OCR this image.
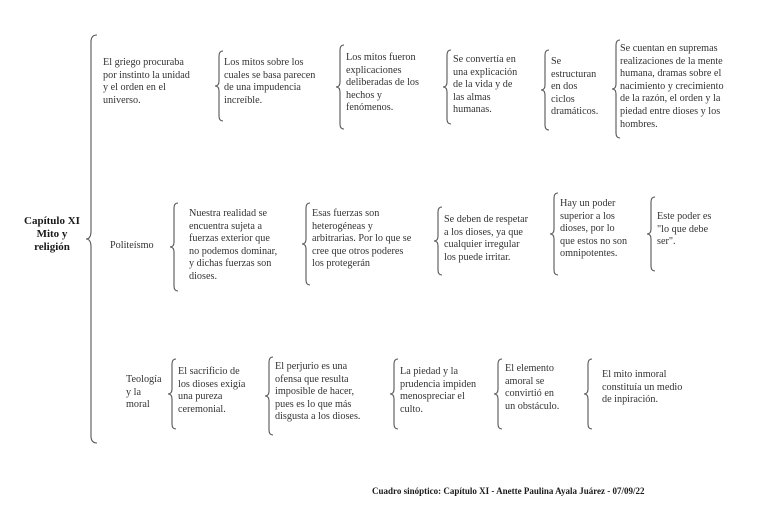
Capítulo XI
Mito y
religión
El griego procuraba
por instinto la unidad
y el orden en el
universo.
Los mitos sobre los
cuales se basa parecen
de una impudencia
increíble.
Los mitos fueron
explicaciones
deliberadas de los
hechos y
fenómenos.
Se convertía en
una explicación
de la vida y de
las almas
humanas.
Se
estructuran
en dos
ciclos
dramáticos.
Se cuentan en supremas
realizaciones de la mente
humana, dramas sobre el
nacimiento y crecimiento
de la razón, el orden y la
piedad entre dioses y los
hombres.
Politeísmo
Nuestra realidad se
encuentra sujeta a
fuerzas exterior que
no podemos dominar,
y dichas fuerzas son
dioses.
Esas fuerzas son
heterogéneas y
arbitrarias. Por lo que se
cree que otros poderes
los protegerán
Se deben de respetar
a los dioses, ya que
cualquier irregular
los puede irritar.
Hay un poder
superior a los
dioses, por lo
que estos no son
omnipotentes.
Este poder es
"lo que debe
ser".
Teología
y la
moral
El sacrificio de
los dioses exigía
una pureza
ceremonial.
El perjurio es una
ofensa que resulta
imposible de hacer,
pues es lo que más
disgusta a los dioses.
La piedad y la
prudencia impiden
menospreciar el
culto.
El elemento
amoral se
convirtió en
un obstáculo.
El mito inmoral
constituía un medio
de inpiración.
Cuadro sinóptico: Capítulo XI - Anette Paulina Ayala Juárez - 07/09/22
